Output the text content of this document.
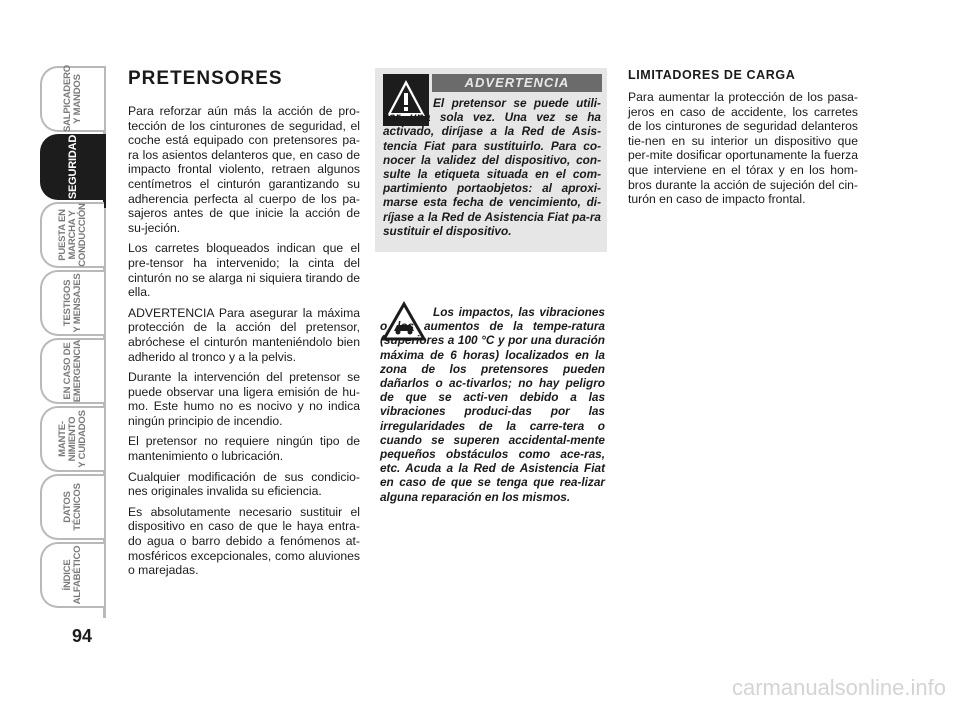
SALPICADERO
Y MANDOS
SEGURIDAD
PUESTA EN
MARCHA Y
CONDUCCIÓN
TESTIGOS
Y MENSAJES
EN CASO DE
EMERGENCIA
MANTE-
NIMIENTO
Y CUIDADOS
DATOS
TÉCNICOS
ÍNDICE
ALFABÉTICO
94
PRETENSORES

Para reforzar aún más la acción de pro-tección de los cinturones de seguridad, el coche está equipado con pretensores pa-ra los asientos delanteros que, en caso de impacto frontal violento, retraen algunos centímetros el cinturón garantizando su adherencia perfecta al cuerpo de los pa-sajeros antes de que inicie la acción de su-jeción.

Los carretes bloqueados indican que el pre-tensor ha intervenido; la cinta del cinturón no se alarga ni siquiera tirando de ella.

ADVERTENCIA Para asegurar la máxima protección de la acción del pretensor, abróchese el cinturón manteniéndolo bien adherido al tronco y a la pelvis.

Durante la intervención del pretensor se puede observar una ligera emisión de hu-mo. Este humo no es nocivo y no indica ningún principio de incendio.

El pretensor no requiere ningún tipo de mantenimiento o lubricación.

Cualquier modificación de sus condicio-nes originales invalida su eficiencia.

Es absolutamente necesario sustituir el dispositivo en caso de que le haya entra-do agua o barro debido a fenómenos at-mosféricos excepcionales, como aluviones o marejadas.

ADVERTENCIA
El pretensor se puede utili-zar una sola vez. Una vez se ha activado, diríjase a la Red de Asis-tencia Fiat para sustituirlo. Para co-nocer la validez del dispositivo, con-sulte la etiqueta situada en el com-partimiento portaobjetos: al aproxi-marse esta fecha de vencimiento, di-ríjase a la Red de Asistencia Fiat pa-ra sustituir el dispositivo.
Los impactos, las vibraciones o los aumentos de la tempe-ratura (superiores a 100 °C y por una duración máxima de 6 horas) localizados en la zona de los pretensores pueden dañarlos o ac-tivarlos; no hay peligro de que se acti-ven debido a las vibraciones produci-das por las irregularidades de la carre-tera o cuando se superen accidental-mente pequeños obstáculos como ace-ras, etc. Acuda a la Red de Asistencia Fiat en caso de que se tenga que rea-lizar alguna reparación en los mismos.
LIMITADORES DE CARGA

Para aumentar la protección de los pasa-jeros en caso de accidente, los carretes de los cinturones de seguridad delanteros tie-nen en su interior un dispositivo que per-mite dosificar oportunamente la fuerza que interviene en el tórax y en los hom-bros durante la acción de sujeción del cin-turón en caso de impacto frontal.

carmanualsonline.info
